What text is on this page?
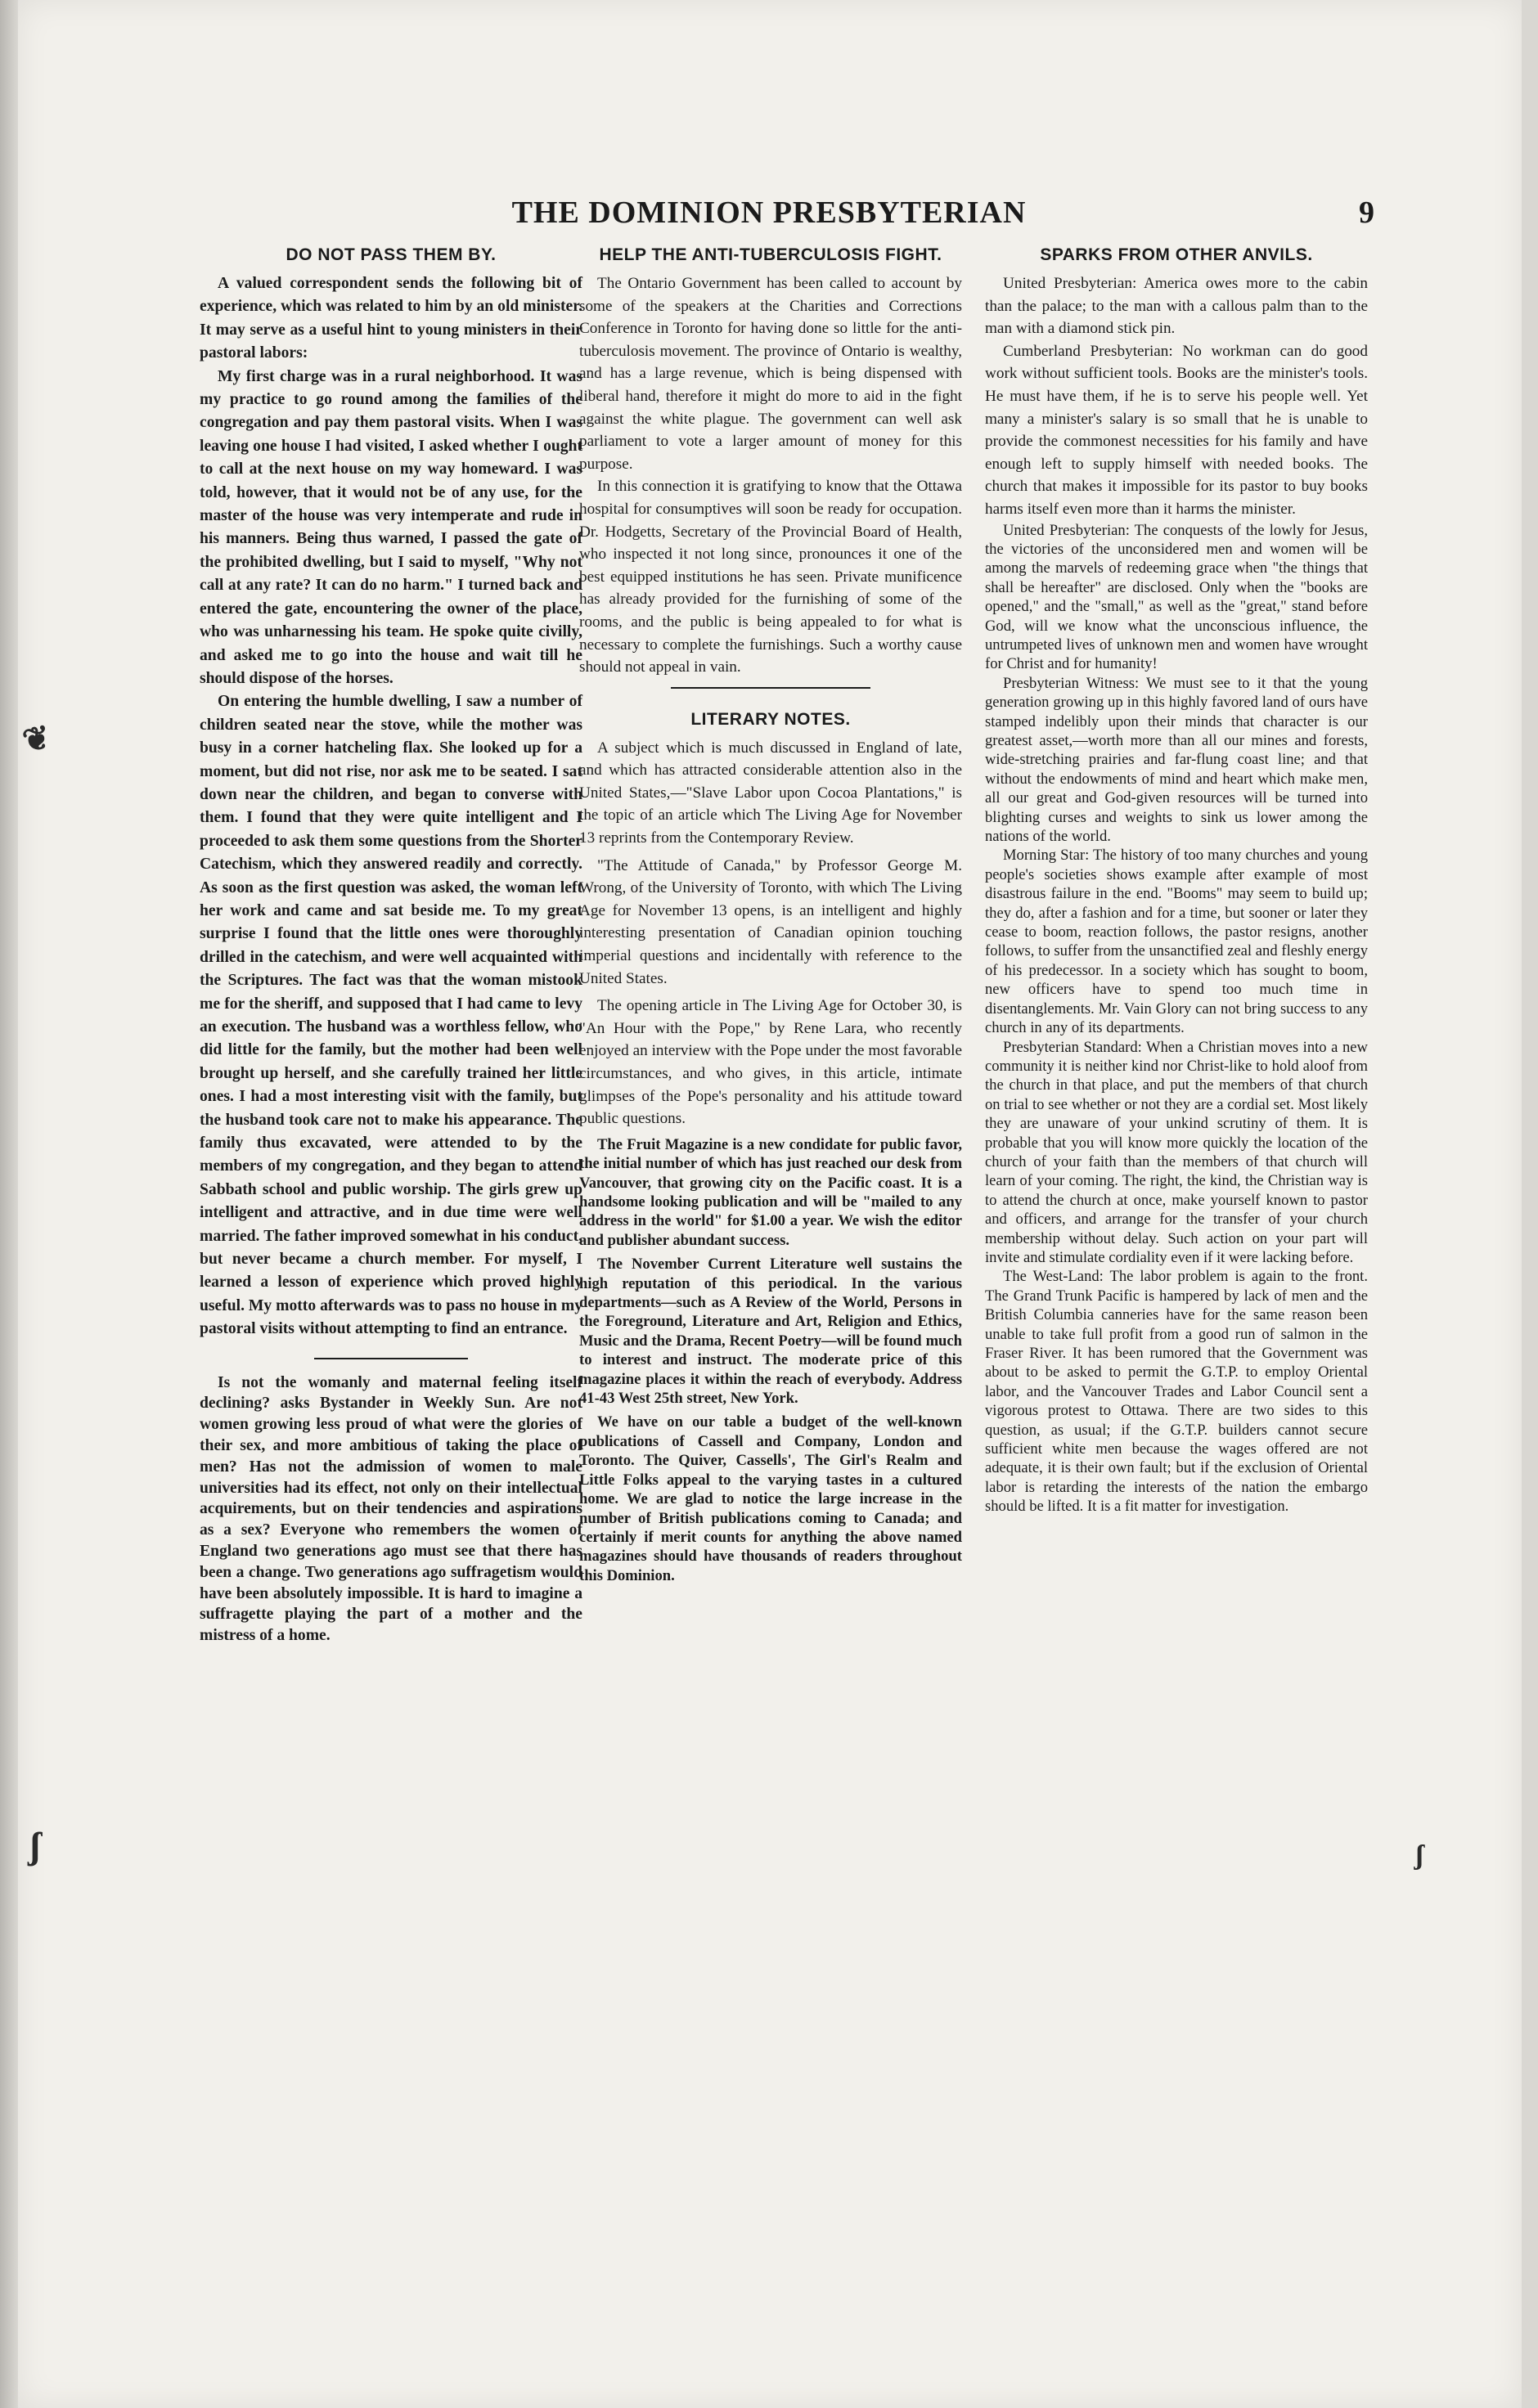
❦
ʃ	ʃ
THE DOMINION PRESBYTERIAN	9
DO NOT PASS THEM BY.

A valued correspondent sends the following bit of experience, which was related to him by an old minister. It may serve as a useful hint to young ministers in their pastoral labors:

My first charge was in a rural neighborhood. It was my practice to go round among the families of the congregation and pay them pastoral visits. When I was leaving one house I had visited, I asked whether I ought to call at the next house on my way homeward. I was told, however, that it would not be of any use, for the master of the house was very intemperate and rude in his manners. Being thus warned, I passed the gate of the prohibited dwelling, but I said to myself, "Why not call at any rate? It can do no harm." I turned back and entered the gate, encountering the owner of the place, who was unharnessing his team. He spoke quite civilly, and asked me to go into the house and wait till he should dispose of the horses.

On entering the humble dwelling, I saw a number of children seated near the stove, while the mother was busy in a corner hatcheling flax. She looked up for a moment, but did not rise, nor ask me to be seated. I sat down near the children, and began to converse with them. I found that they were quite intelligent and I proceeded to ask them some questions from the Shorter Catechism, which they answered readily and correctly. As soon as the first question was asked, the woman left her work and came and sat beside me. To my great surprise I found that the little ones were thoroughly drilled in the catechism, and were well acquainted with the Scriptures. The fact was that the woman mistook me for the sheriff, and supposed that I had came to levy an execution. The husband was a worthless fellow, who did little for the family, but the mother had been well brought up herself, and she carefully trained her little ones. I had a most interesting visit with the family, but the husband took care not to make his appearance. The family thus excavated, were attended to by the members of my congregation, and they began to attend Sabbath school and public worship. The girls grew up intelligent and attractive, and in due time were well married. The father improved somewhat in his conduct, but never became a church member. For myself, I learned a lesson of experience which proved highly useful. My motto afterwards was to pass no house in my pastoral visits without attempting to find an entrance.

Is not the womanly and maternal feeling itself declining? asks Bystander in Weekly Sun. Are not women growing less proud of what were the glories of their sex, and more ambitious of taking the place of men? Has not the admission of women to male universities had its effect, not only on their intellectual acquirements, but on their tendencies and aspirations as a sex? Everyone who remembers the women of England two generations ago must see that there has been a change. Two generations ago suffragetism would have been absolutely impossible. It is hard to imagine a suffragette playing the part of a mother and the mistress of a home.

HELP THE ANTI-TUBERCULOSIS FIGHT.

The Ontario Government has been called to account by some of the speakers at the Charities and Corrections Conference in Toronto for having done so little for the anti-tuberculosis movement. The province of Ontario is wealthy, and has a large revenue, which is being dispensed with liberal hand, therefore it might do more to aid in the fight against the white plague. The government can well ask parliament to vote a larger amount of money for this purpose.

In this connection it is gratifying to know that the Ottawa hospital for consumptives will soon be ready for occupation. Dr. Hodgetts, Secretary of the Provincial Board of Health, who inspected it not long since, pronounces it one of the best equipped institutions he has seen. Private munificence has already provided for the furnishing of some of the rooms, and the public is being appealed to for what is necessary to complete the furnishings. Such a worthy cause should not appeal in vain.

LITERARY NOTES.

A subject which is much discussed in England of late, and which has attracted considerable attention also in the United States,—"Slave Labor upon Cocoa Plantations," is the topic of an article which The Living Age for November 13 reprints from the Contemporary Review.

"The Attitude of Canada," by Professor George M. Wrong, of the University of Toronto, with which The Living Age for November 13 opens, is an intelligent and highly interesting presentation of Canadian opinion touching imperial questions and incidentally with reference to the United States.

The opening article in The Living Age for October 30, is "An Hour with the Pope," by Rene Lara, who recently enjoyed an interview with the Pope under the most favorable circumstances, and who gives, in this article, intimate glimpses of the Pope's personality and his attitude toward public questions.

The Fruit Magazine is a new condidate for public favor, the initial number of which has just reached our desk from Vancouver, that growing city on the Pacific coast. It is a handsome looking publication and will be "mailed to any address in the world" for $1.00 a year. We wish the editor and publisher abundant success.

The November Current Literature well sustains the high reputation of this periodical. In the various departments—such as A Review of the World, Persons in the Foreground, Literature and Art, Religion and Ethics, Music and the Drama, Recent Poetry—will be found much to interest and instruct. The moderate price of this magazine places it within the reach of everybody. Address 41-43 West 25th street, New York.

We have on our table a budget of the well-known publications of Cassell and Company, London and Toronto. The Quiver, Cassells', The Girl's Realm and Little Folks appeal to the varying tastes in a cultured home. We are glad to notice the large increase in the number of British publications coming to Canada; and certainly if merit counts for anything the above named magazines should have thousands of readers throughout this Dominion.

SPARKS FROM OTHER ANVILS.

United Presbyterian: America owes more to the cabin than the palace; to the man with a callous palm than to the man with a diamond stick pin.

Cumberland Presbyterian: No workman can do good work without sufficient tools. Books are the minister's tools. He must have them, if he is to serve his people well. Yet many a minister's salary is so small that he is unable to provide the commonest necessities for his family and have enough left to supply himself with needed books. The church that makes it impossible for its pastor to buy books harms itself even more than it harms the minister.

United Presbyterian: The conquests of the lowly for Jesus, the victories of the unconsidered men and women will be among the marvels of redeeming grace when "the things that shall be hereafter" are disclosed. Only when the "books are opened," and the "small," as well as the "great," stand before God, will we know what the unconscious influence, the untrumpeted lives of unknown men and women have wrought for Christ and for humanity!

Presbyterian Witness: We must see to it that the young generation growing up in this highly favored land of ours have stamped indelibly upon their minds that character is our greatest asset,—worth more than all our mines and forests, wide-stretching prairies and far-flung coast line; and that without the endowments of mind and heart which make men, all our great and God-given resources will be turned into blighting curses and weights to sink us lower among the nations of the world.

Morning Star: The history of too many churches and young people's societies shows example after example of most disastrous failure in the end. "Booms" may seem to build up; they do, after a fashion and for a time, but sooner or later they cease to boom, reaction follows, the pastor resigns, another follows, to suffer from the unsanctified zeal and fleshly energy of his predecessor. In a society which has sought to boom, new officers have to spend too much time in disentanglements. Mr. Vain Glory can not bring success to any church in any of its departments.

Presbyterian Standard: When a Christian moves into a new community it is neither kind nor Christ-like to hold aloof from the church in that place, and put the members of that church on trial to see whether or not they are a cordial set. Most likely they are unaware of your unkind scrutiny of them. It is probable that you will know more quickly the location of the church of your faith than the members of that church will learn of your coming. The right, the kind, the Christian way is to attend the church at once, make yourself known to pastor and officers, and arrange for the transfer of your church membership without delay. Such action on your part will invite and stimulate cordiality even if it were lacking before.

The West-Land: The labor problem is again to the front. The Grand Trunk Pacific is hampered by lack of men and the British Columbia canneries have for the same reason been unable to take full profit from a good run of salmon in the Fraser River. It has been rumored that the Government was about to be asked to permit the G.T.P. to employ Oriental labor, and the Vancouver Trades and Labor Council sent a vigorous protest to Ottawa. There are two sides to this question, as usual; if the G.T.P. builders cannot secure sufficient white men because the wages offered are not adequate, it is their own fault; but if the exclusion of Oriental labor is retarding the interests of the nation the embargo should be lifted. It is a fit matter for investigation.
